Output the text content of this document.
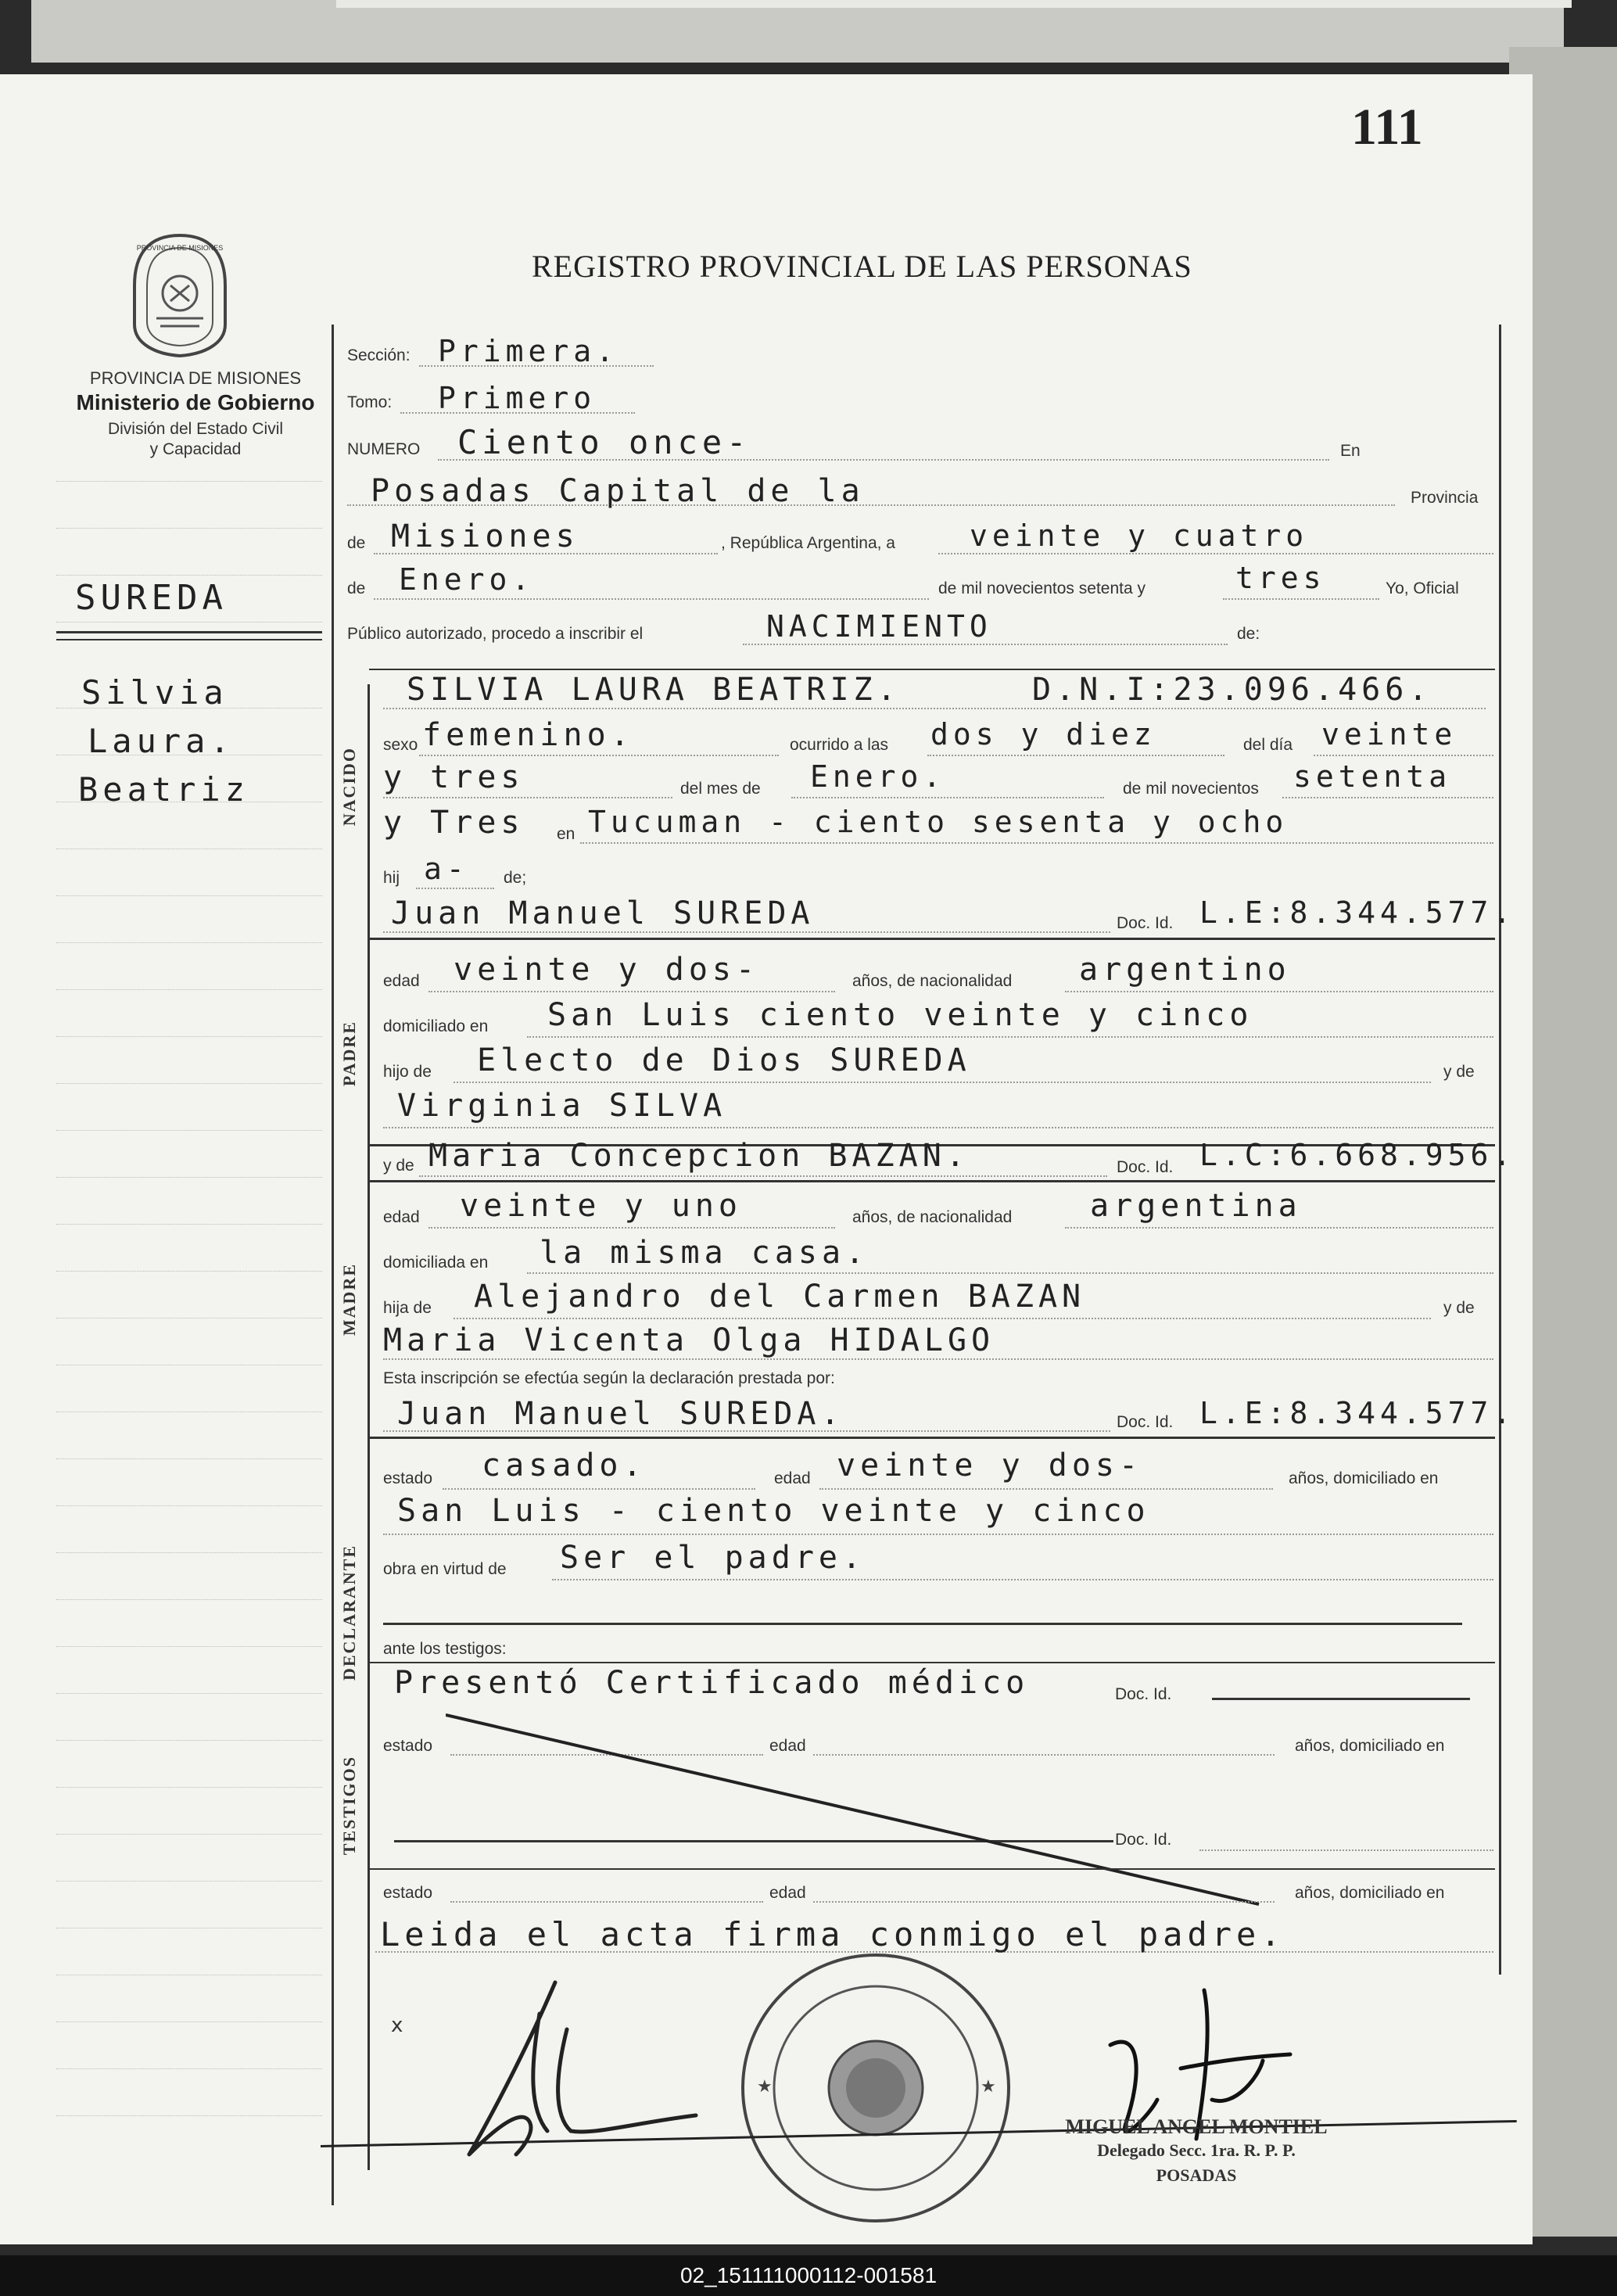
111
REGISTRO PROVINCIAL DE LAS PERSONAS
PROVINCIA DE MISIONES
PROVINCIA DE MISIONES
Ministerio de Gobierno
División del Estado Civil
y Capacidad
SUREDA
Silvia
Laura.
Beatriz
Sección: Primera.
Tomo: Primero
NUMERO Ciento once-	En
Posadas Capital de la	Provincia
de Misiones	, República Argentina, a	veinte y cuatro
de Enero.	de mil novecientos setenta y	tres	Yo, Oficial
Público autorizado, procedo a inscribir el	NACIMIENTO	de:
NACIDO
SILVIA LAURA BEATRIZ.	D.N.I:23.096.466.
sexo femenino.	ocurrido a las dos y diez	del día veinte
y tres	del mes de Enero.	de mil novecientos setenta
y Tres en Tucuman - ciento sesenta y ocho
hij a- de;
Juan Manuel SUREDA	Doc. Id. L.E:8.344.577.
PADRE
edad veinte y dos-	años, de nacionalidad argentino
domiciliado en San Luis ciento veinte y cinco
hijo de Electo de Dios SUREDA	y de
Virginia SILVA
y de Maria Concepcion BAZAN.	Doc. Id. L.C:6.668.956.
MADRE
edad veinte y uno	años, de nacionalidad argentina
domiciliada en la misma casa.
hija de Alejandro del Carmen BAZAN	y de
Maria Vicenta Olga HIDALGO
Esta inscripción se efectúa según la declaración prestada por:
Juan Manuel SUREDA.	Doc. Id. L.E:8.344.577.
DECLARANTE
estado casado.	edad veinte y dos-	años, domiciliado en
San Luis - ciento veinte y cinco
obra en virtud de Ser el padre.
ante los testigos:
TESTIGOS
Presentó Certificado médico	Doc. Id.
estado	edad	años, domiciliado en
Doc. Id.
estado	edad	años, domiciliado en
Leida el acta firma conmigo el padre.
x
★	★
MIGUEL ANGEL MONTIEL
Delegado Secc. 1ra. R. P. P.
POSADAS
02_151111000112-001581
